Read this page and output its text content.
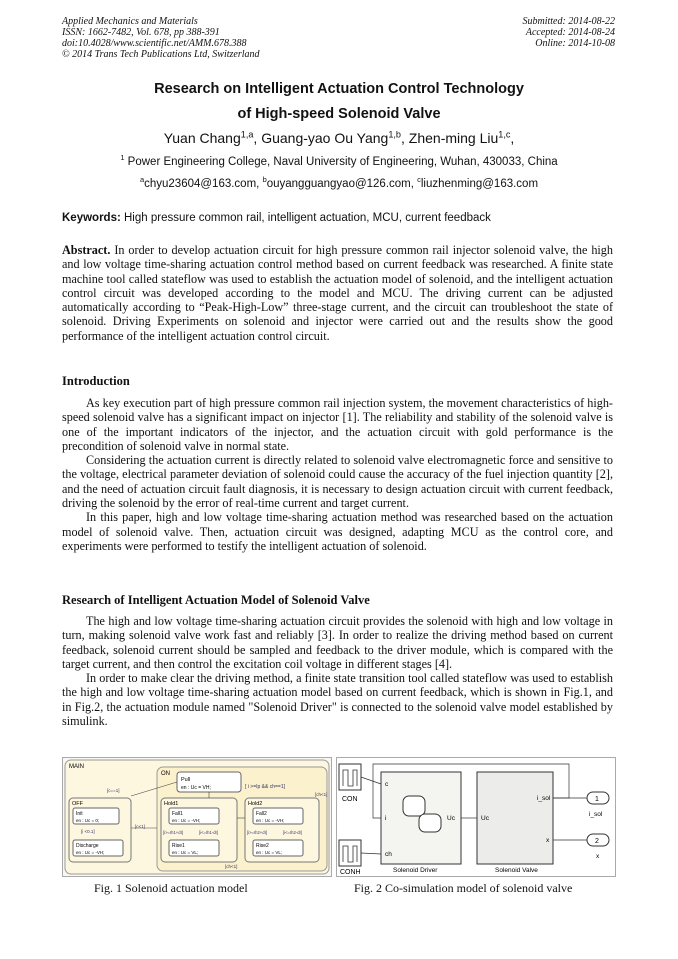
Applied Mechanics and Materials
ISSN: 1662-7482, Vol. 678, pp 388-391
doi:10.4028/www.scientific.net/AMM.678.388
© 2014 Trans Tech Publications Ltd, Switzerland
Submitted: 2014-08-22
Accepted: 2014-08-24
Online: 2014-10-08
Research on Intelligent Actuation Control Technology
of High-speed Solenoid Valve
Yuan Chang$^{1,a}$, Guang-yao Ou Yang$^{1,b}$, Zhen-ming Liu$^{1,c}$,
$^1$ Power Engineering College, Naval University of Engineering, Wuhan, 430033, China
$^a$chyu23604@163.com, $^b$ouyangguangyao@126.com, $^c$liuzhenming@163.com
Keywords: High pressure common rail, intelligent actuation, MCU, current feedback

Abstract. In order to develop actuation circuit for high pressure common rail injector solenoid valve, the high and low voltage time-sharing actuation control method based on current feedback was researched. A finite state machine tool called stateflow was used to establish the actuation model of solenoid, and the intelligent actuation control circuit was developed according to the model and MCU. The driving current can be adjusted automatically according to “Peak-High-Low” three-stage current, and the circuit can troubleshoot the state of solenoid. Driving Experiments on solenoid and injector were carried out and the results show the good performance of the intelligent actuation control circuit.

Introduction

As key execution part of high pressure common rail injection system, the movement characteristics of high-speed solenoid valve has a significant impact on injector [1]. The reliability and stability of the solenoid valve is one of the important indicators of the injector, and the actuation circuit with gold performance is the precondition of solenoid valve in normal state.

Considering the actuation current is directly related to solenoid valve electromagnetic force and sensitive to the voltage, electrical parameter deviation of solenoid could cause the accuracy of the fuel injection quantity [2], and the need of actuation circuit fault diagnosis, it is necessary to design actuation circuit with current feedback, driving the solenoid by the error of real-time current and target current.

In this paper, high and low voltage time-sharing actuation method was researched based on the actuation model of solenoid valve. Then, actuation circuit was designed, adapting MCU as the control core, and experiments were performed to testify the intelligent actuation of solenoid.

Research of Intelligent Actuation Model of Solenoid Valve

The high and low voltage time-sharing actuation circuit provides the solenoid with high and low voltage in turn, making solenoid valve work fast and reliably [3]. In order to realize the driving method based on current feedback, solenoid current should be sampled and feedback to the driver module, which is compared with the target current, and then control the excitation coil voltage in different stages [4].

In order to make clear the driving method, a finite state transition tool called stateflow was used to establish the high and low voltage time-sharing actuation model based on current feedback, which is shown in Fig.1, and in Fig.2, the actuation module named "Solenoid Driver" is connected to the solenoid valve model established by simulink.

MAIN
ON
Pull
en : Uc = VH;	[ i >=Ip && ch==1]
Hold1
Fall1
en : Uc = -VH;
[i>=Ih1+dI]	[i<=Ih1-dI]
Rise1
en : Uc = VL;
Hold2
Fall2
en : Uc = -VH;
[i>=Ih2+dI]	[i<=Ih2-dI]
Rise2
en : Uc = VL;
[ch<1]
[ch<1]
OFF
Init
en : Uc = 0;
[i <0.1]
Discharge
en : Uc = -VH;
[c==1]
[c<1]
Fig. 1 Solenoid actuation model
CON
CONH
c
i
ch
Uc
Solenoid Driver
Uc
i_sol
x
Solenoid Valve
1
i_sol
2
x
Fig. 2 Co-simulation model of solenoid valve
